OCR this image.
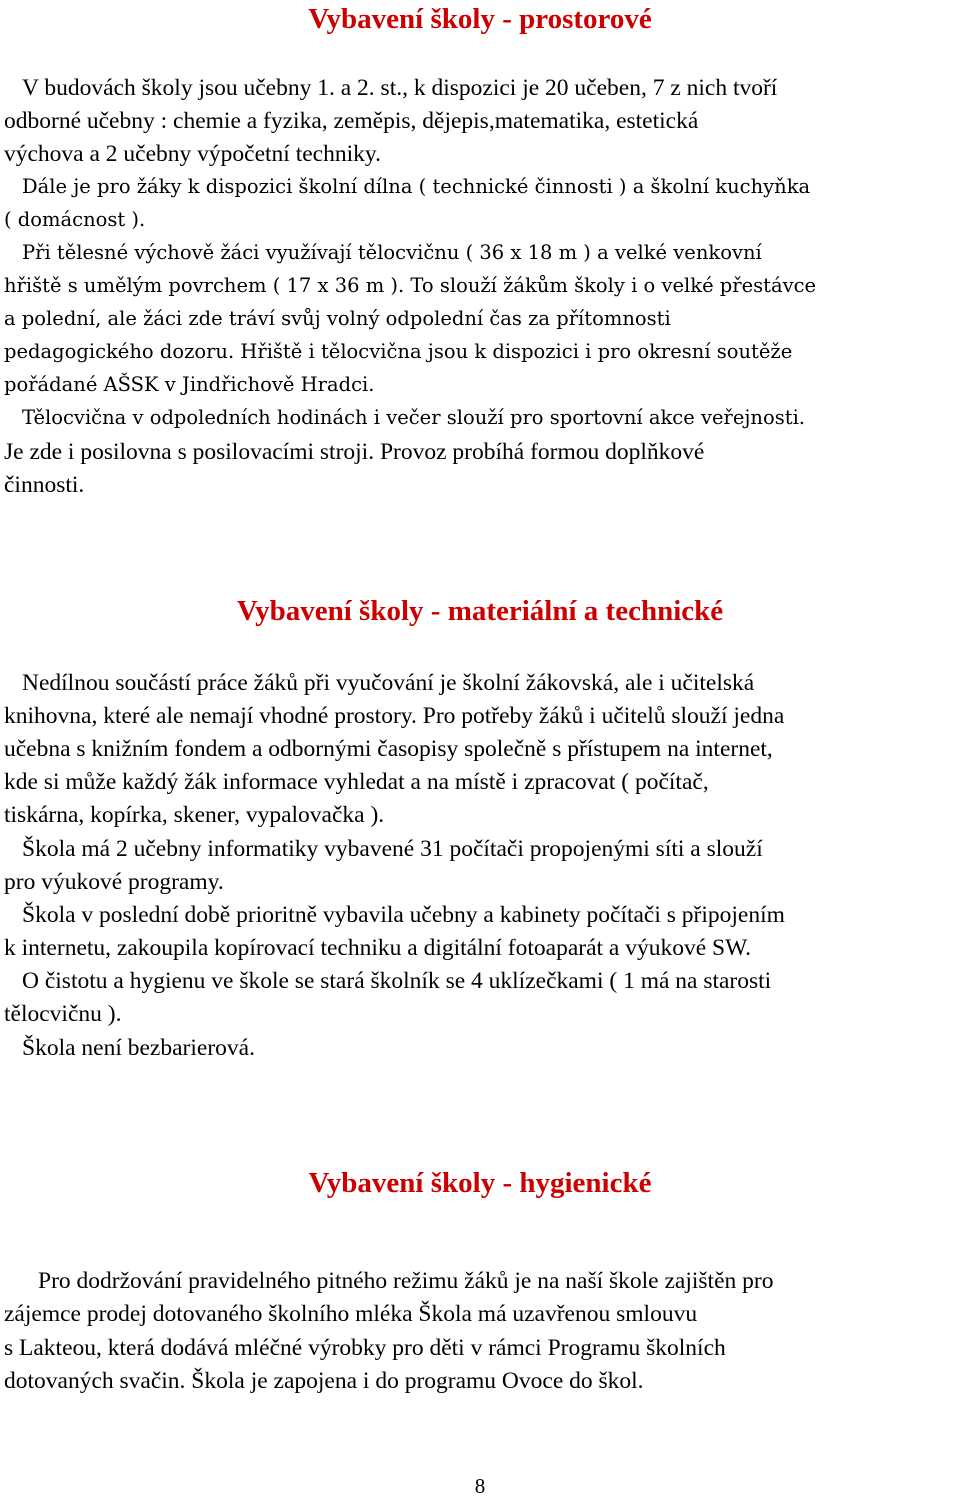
Vybavení školy - prostorové
V budovách školy jsou učebny 1. a 2. st., k dispozici je 20 učeben, 7 z nich tvoří
odborné učebny : chemie a fyzika, zeměpis, dějepis,matematika, estetická
výchova a 2 učebny výpočetní techniky.
Dále je pro žáky k dispozici školní dílna ( technické činnosti ) a školní kuchyňka
( domácnost ).
Při tělesné výchově žáci využívají tělocvičnu ( 36 x 18 m ) a velké venkovní
hřiště s umělým povrchem ( 17 x 36 m ). To slouží žákům školy i o velké přestávce
a polední, ale žáci zde tráví svůj volný odpolední čas za přítomnosti
pedagogického dozoru. Hřiště i tělocvična jsou k dispozici i pro okresní soutěže
pořádané AŠSK v Jindřichově Hradci.
Tělocvična v odpoledních hodinách i večer slouží pro sportovní akce veřejnosti.
Je zde i posilovna s posilovacími stroji. Provoz probíhá formou doplňkové
činnosti.
Vybavení školy - materiální a technické
Nedílnou součástí práce žáků při vyučování je školní žákovská, ale i učitelská
knihovna, které ale nemají vhodné prostory. Pro potřeby žáků i učitelů slouží jedna
učebna s knižním fondem a odbornými časopisy společně s přístupem na internet,
kde si může každý žák informace vyhledat a na místě i zpracovat ( počítač,
tiskárna, kopírka, skener, vypalovačka ).
Škola má 2 učebny informatiky vybavené 31 počítači propojenými síti a slouží
pro výukové programy.
Škola v poslední době prioritně vybavila učebny a kabinety počítači s připojením
k internetu, zakoupila kopírovací techniku a digitální fotoaparát a výukové SW.
O čistotu a hygienu ve škole se stará školník se 4 uklízečkami ( 1 má na starosti
tělocvičnu ).
Škola není bezbarierová.
Vybavení školy - hygienické
Pro dodržování pravidelného pitného režimu žáků je na naší škole zajištěn pro
zájemce prodej dotovaného školního mléka Škola má uzavřenou smlouvu
s Lakteou, která dodává mléčné výrobky pro děti v rámci Programu školních
dotovaných svačin. Škola je zapojena i do programu Ovoce do škol.
8
